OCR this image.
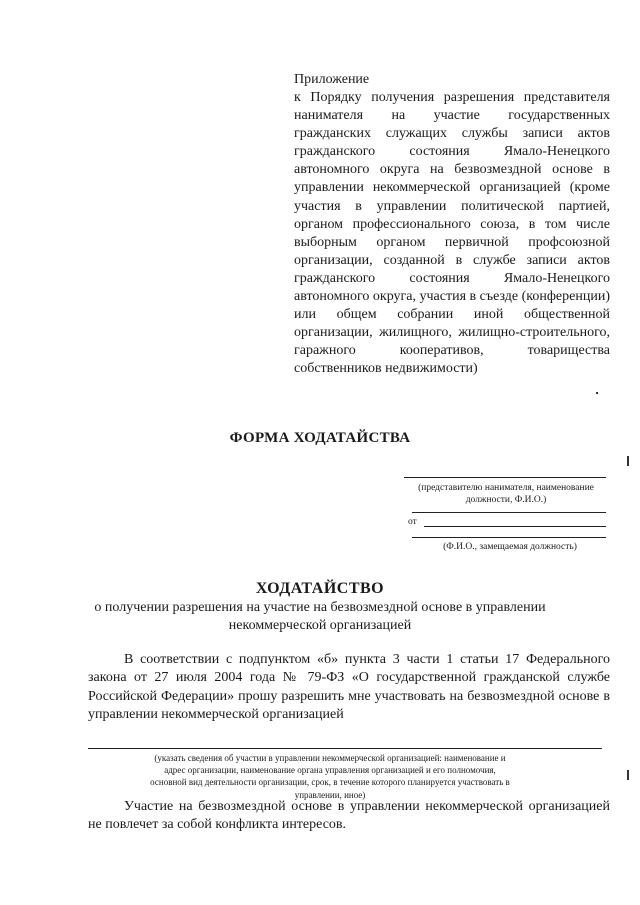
Приложение
к Порядку получения разрешения представителя нанимателя на участие государственных гражданских служащих службы записи актов гражданского состояния Ямало-Ненецкого автономного округа на безвозмездной основе в управлении некоммерческой организацией (кроме участия в управлении политической партией, органом профессионального союза, в том числе выборным органом первичной профсоюзной организации, созданной в службе записи актов гражданского состояния Ямало-Ненецкого автономного округа, участия в съезде (конференции) или общем собрании иной общественной организации, жилищного, жилищно-строительного, гаражного кооперативов, товарищества собственников недвижимости)
ФОРМА ХОДАТАЙСТВА
(представителю нанимателя, наименование должности, Ф.И.О.)
от
(Ф.И.О., замещаемая должность)
ХОДАТАЙСТВО
о получении разрешения на участие на безвозмездной основе в управлении некоммерческой организацией
В соответствии с подпунктом «б» пункта 3 части 1 статьи 17 Федерального закона от 27 июля 2004 года № 79-ФЗ «О государственной гражданской службе Российской Федерации» прошу разрешить мне участвовать на безвозмездной основе в управлении некоммерческой организацией
(указать сведения об участии в управлении некоммерческой организацией: наименование и адрес организации, наименование органа управления организацией и его полномочия, основной вид деятельности организации, срок, в течение которого планируется участвовать в управлении, иное)
Участие на безвозмездной основе в управлении некоммерческой организацией не повлечет за собой конфликта интересов.
